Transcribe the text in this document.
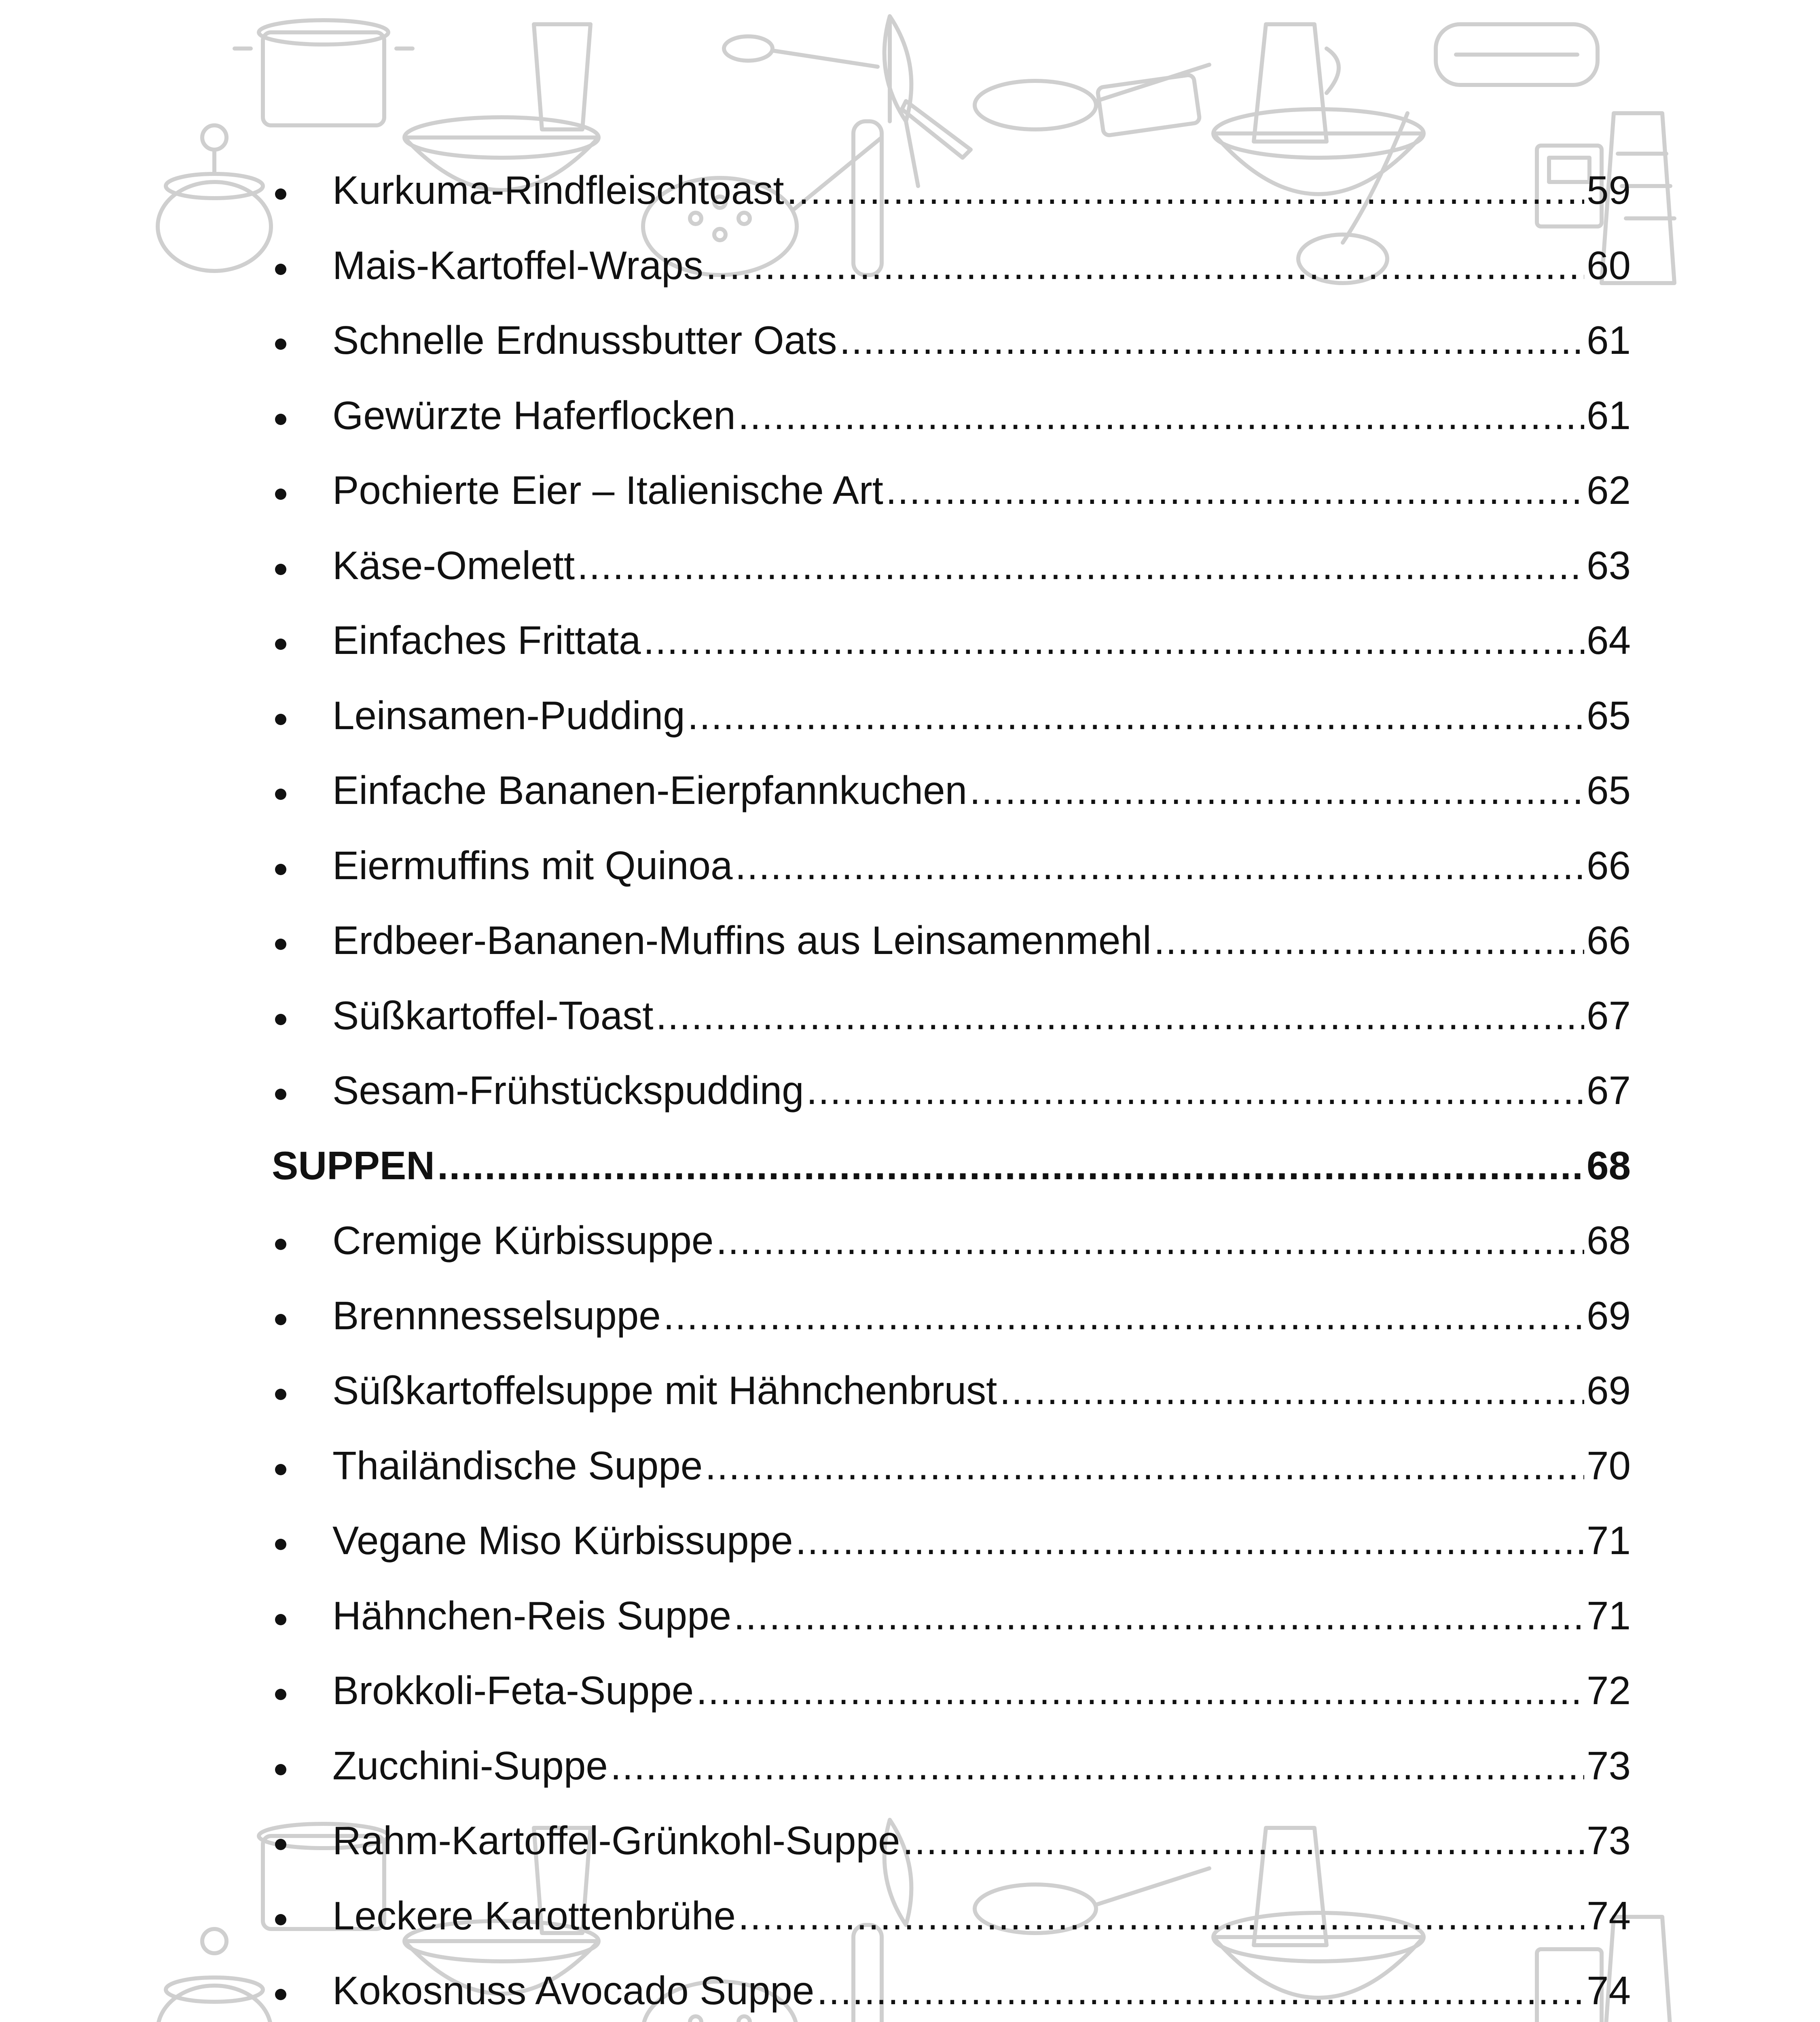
Kurkuma-Rindfleischtoast .....	59
Mais-Kartoffel-Wraps .....	60
Schnelle Erdnussbutter Oats .....	61
Gewürzte Haferflocken .....	61
Pochierte Eier – Italienische Art .....	62
Käse-Omelett .....	63
Einfaches Frittata .....	64
Leinsamen-Pudding .....	65
Einfache Bananen-Eierpfannkuchen .....	65
Eiermuffins mit Quinoa .....	66
Erdbeer-Bananen-Muffins aus Leinsamenmehl .....	66
Süßkartoffel-Toast .....	67
Sesam-Frühstückspudding .....	67
SUPPEN .....	68
Cremige Kürbissuppe .....	68
Brennnesselsuppe .....	69
Süßkartoffelsuppe mit Hähnchenbrust .....	69
Thailändische Suppe .....	70
Vegane Miso Kürbissuppe .....	71
Hähnchen-Reis Suppe .....	71
Brokkoli-Feta-Suppe .....	72
Zucchini-Suppe .....	73
Rahm-Kartoffel-Grünkohl-Suppe .....	73
Leckere Karottenbrühe .....	74
Kokosnuss Avocado Suppe .....	74
